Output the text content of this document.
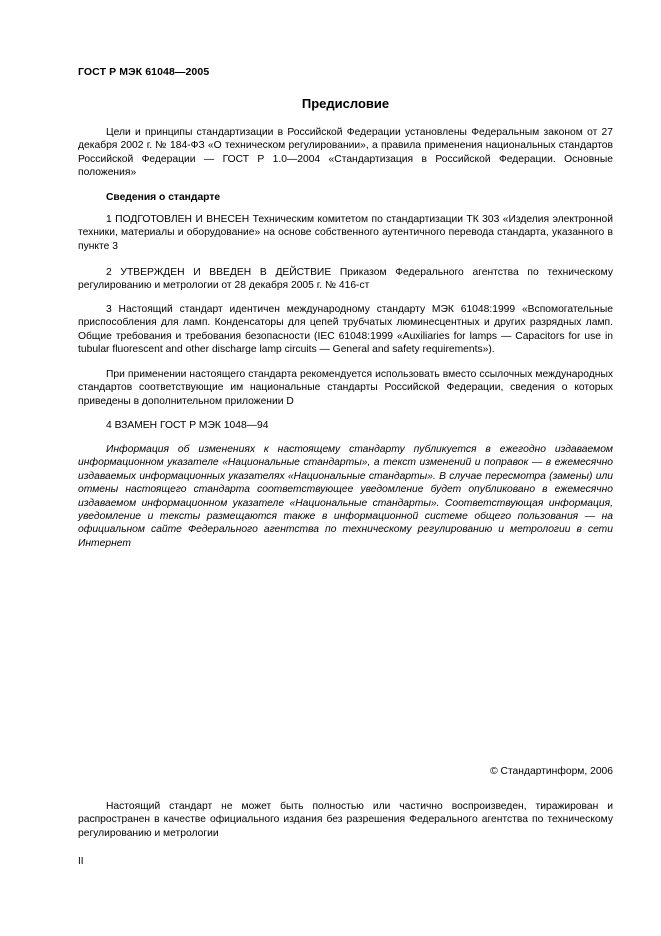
ГОСТ Р МЭК 61048—2005
Предисловие

Цели и принципы стандартизации в Российской Федерации установлены Федеральным законом от 27 декабря 2002 г. № 184-ФЗ «О техническом регулировании», а правила применения национальных стандартов Российской Федерации — ГОСТ Р 1.0—2004 «Стандартизация в Российской Федерации. Основные положения»

Сведения о стандарте

1 ПОДГОТОВЛЕН И ВНЕСЕН Техническим комитетом по стандартизации ТК 303 «Изделия электронной техники, материалы и оборудование» на основе собственного аутентичного перевода стандарта, указанного в пункте 3

2 УТВЕРЖДЕН И ВВЕДЕН В ДЕЙСТВИЕ Приказом Федерального агентства по техническому регулированию и метрологии от 28 декабря 2005 г. № 416-ст

3 Настоящий стандарт идентичен международному стандарту МЭК 61048:1999 «Вспомогательные приспособления для ламп. Конденсаторы для цепей трубчатых люминесцентных и других разрядных ламп. Общие требования и требования безопасности (IEC 61048:1999 «Auxiliaries for lamps — Capacitors for use in tubular fluorescent and other discharge lamp circuits — General and safety requirements»).

При применении настоящего стандарта рекомендуется использовать вместо ссылочных международных стандартов соответствующие им национальные стандарты Российской Федерации, сведения о которых приведены в дополнительном приложении D

4 ВЗАМЕН ГОСТ Р МЭК 1048—94

Информация об изменениях к настоящему стандарту публикуется в ежегодно издаваемом информационном указателе «Национальные стандарты», а текст изменений и поправок — в ежемесячно издаваемых информационных указателях «Национальные стандарты». В случае пересмотра (замены) или отмены настоящего стандарта соответствующее уведомление будет опубликовано в ежемесячно издаваемом информационном указателе «Национальные стандарты». Соответствующая информация, уведомление и тексты размещаются также в информационной системе общего пользования — на официальном сайте Федерального агентства по техническому регулированию и метрологии в сети Интернет

© Стандартинформ, 2006

Настоящий стандарт не может быть полностью или частично воспроизведен, тиражирован и распространен в качестве официального издания без разрешения Федерального агентства по техническому регулированию и метрологии

II
